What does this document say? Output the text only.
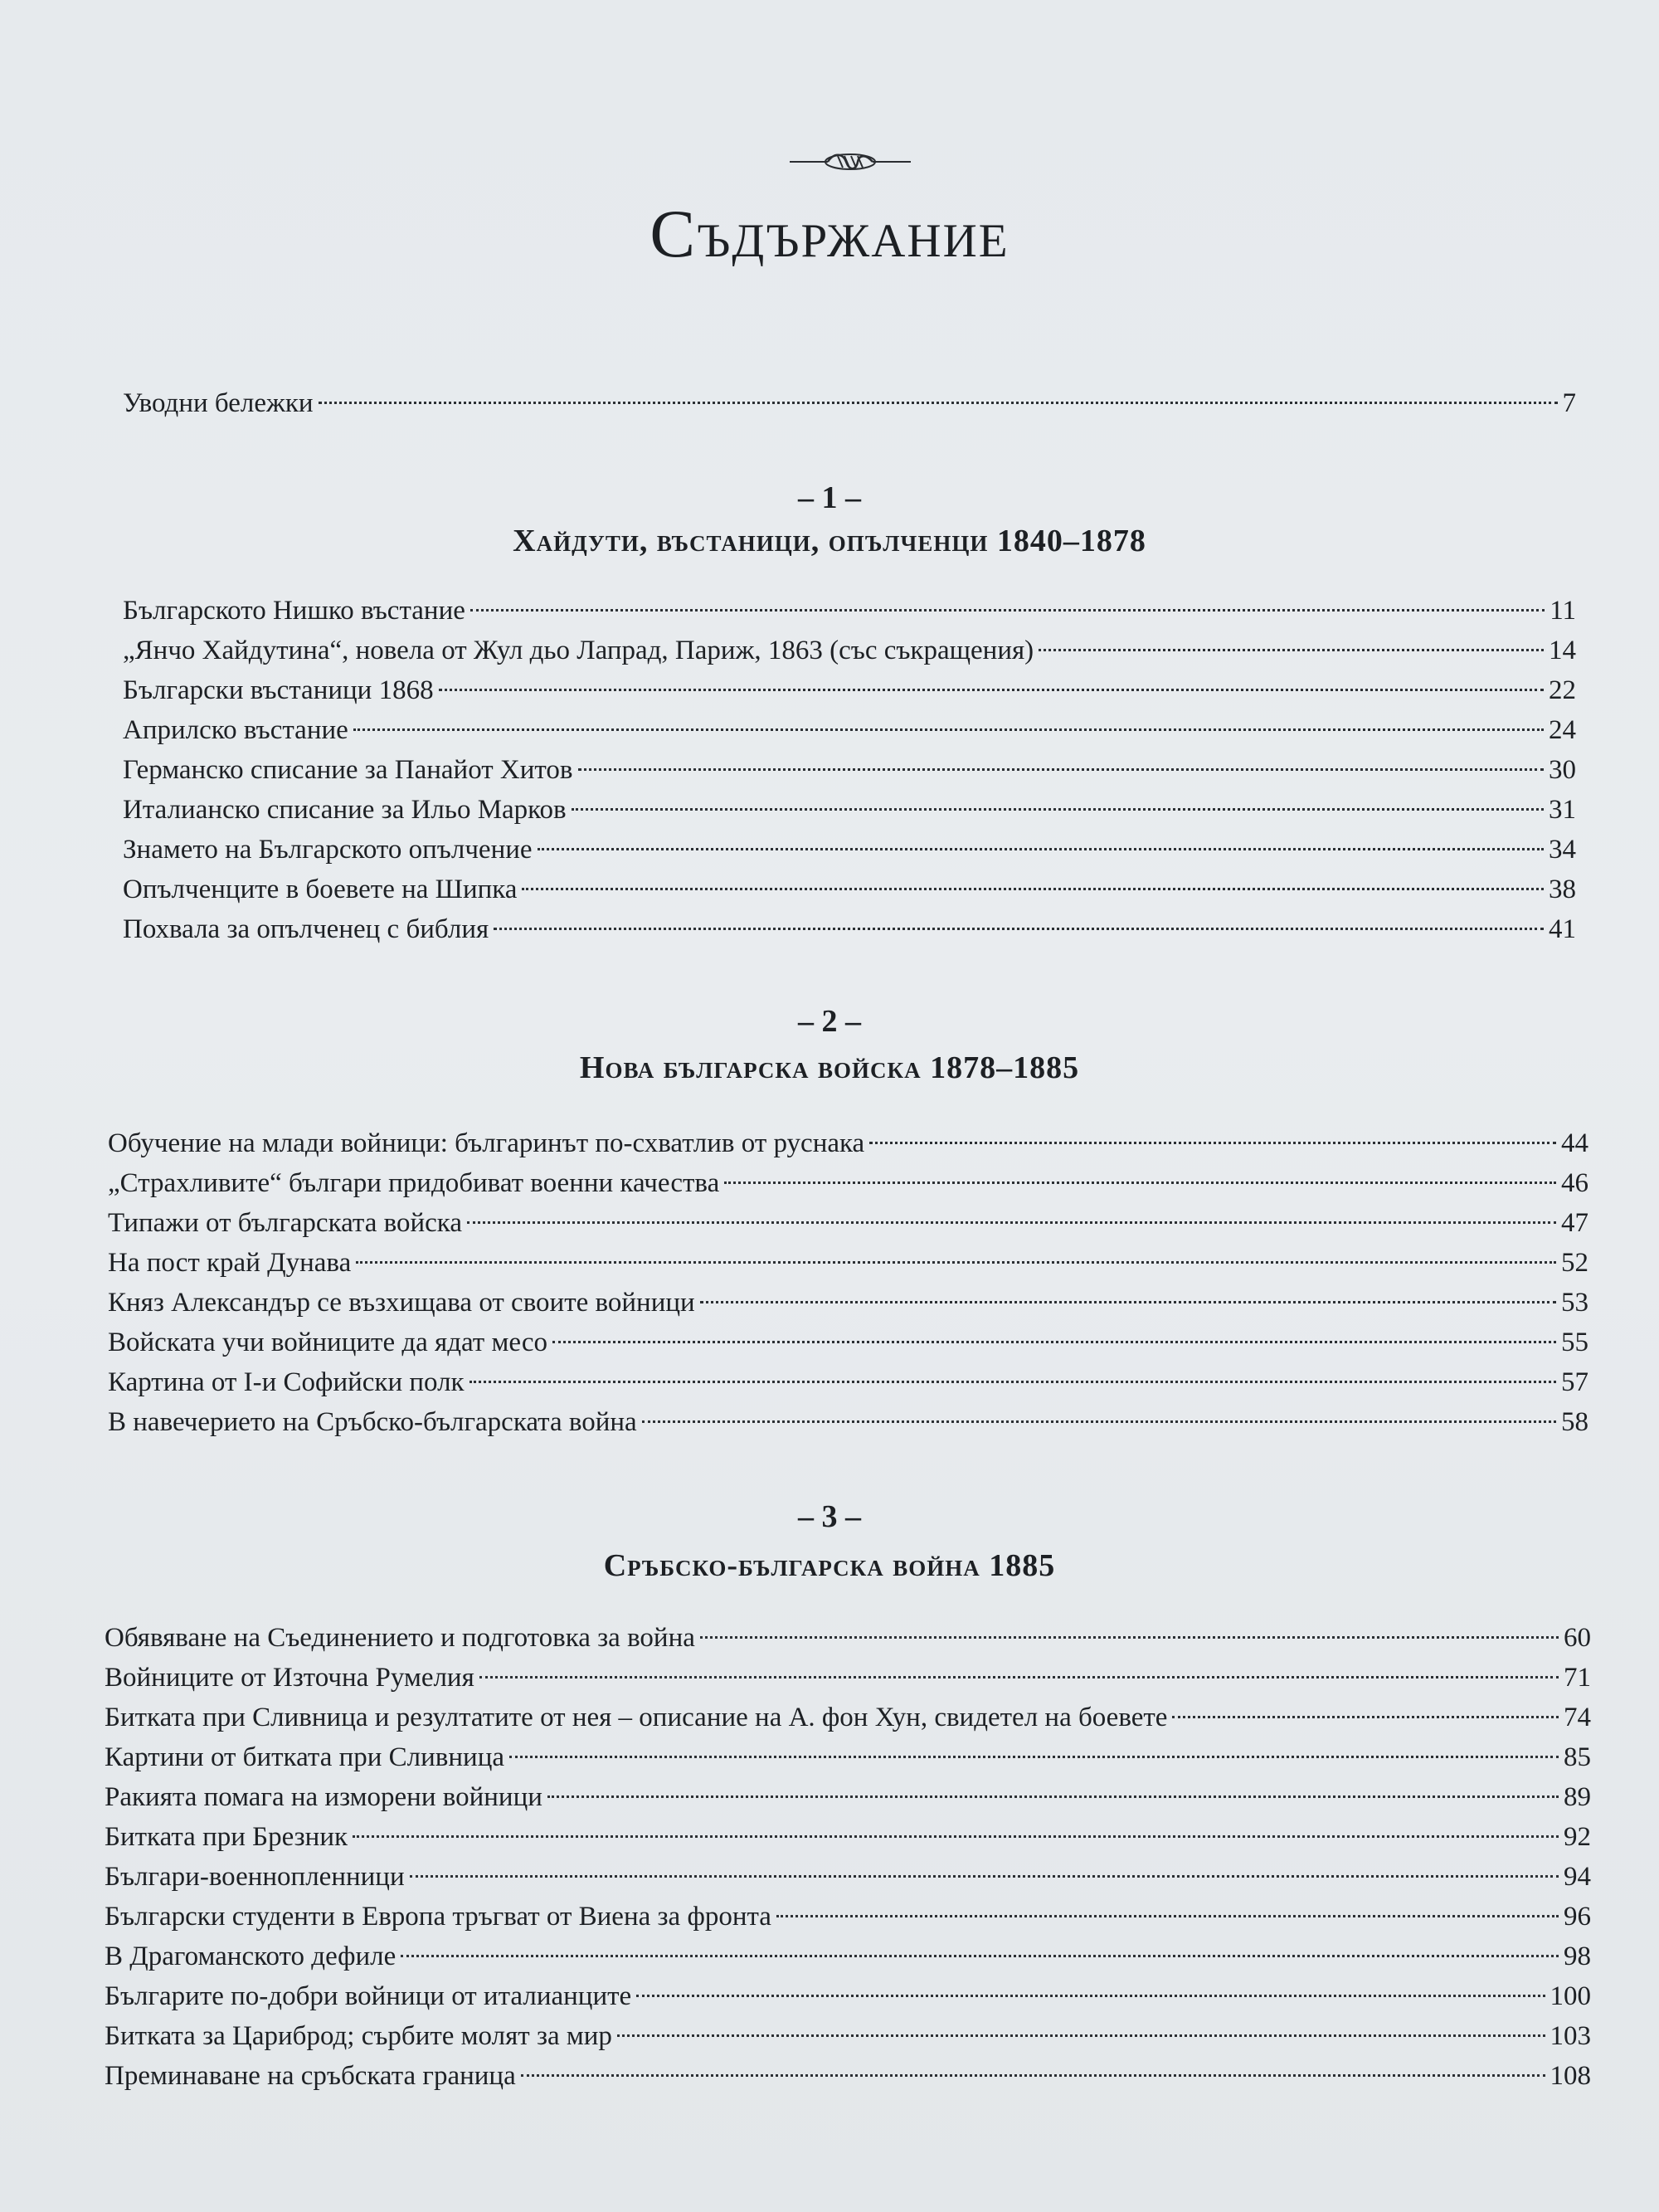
Съдържание
Уводни бележки	7
– 1 –
Хайдути, въстаници, опълченци 1840–1878
Българското Нишко въстание	11
„Янчо Хайдутина“, новела от Жул дьо Лапрад, Париж, 1863 (със съкращения)	14
Български въстаници 1868	22
Априлско въстание	24
Германско списание за Панайот Хитов	30
Италианско списание за Ильо Марков	31
Знамето на Българското опълчение	34
Опълченците в боевете на Шипка	38
Похвала за опълченец с библия	41
– 2 –
Нова българска войска 1878–1885
Обучение на млади войници: българинът по-схватлив от руснака	44
„Страхливите“ българи придобиват военни качества	46
Типажи от българската войска	47
На пост край Дунава	52
Княз Александър се възхищава от своите войници	53
Войската учи войниците да ядат месо	55
Картина от I-и Софийски полк	57
В навечерието на Сръбско-българската война	58
– 3 –
Сръбско-българска война 1885
Обявяване на Съединението и подготовка за война	60
Войниците от Източна Румелия	71
Битката при Сливница и резултатите от нея – описание на А. фон Хун, свидетел на боевете	74
Картини от битката при Сливница	85
Ракията помага на изморени войници	89
Битката при Брезник	92
Българи-военнопленници	94
Български студенти в Европа тръгват от Виена за фронта	96
В Драгоманското дефиле	98
Българите по-добри войници от италианците	100
Битката за Цариброд; сърбите молят за мир	103
Преминаване на сръбската граница	108
